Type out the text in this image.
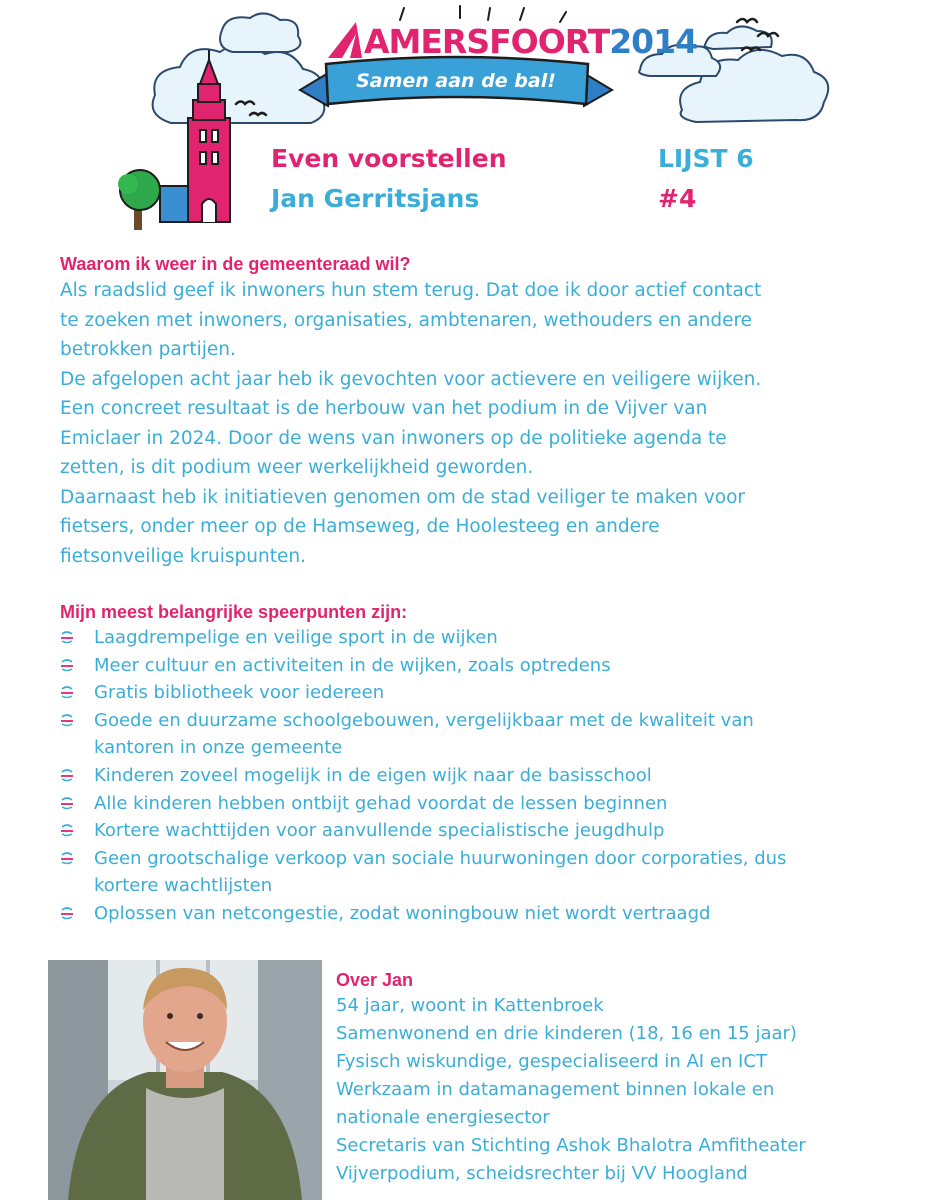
AMERSFOORT2014
Samen aan de bal!
Even voorstellen
Jan Gerritsjans
LIJST 6
#4

Waarom ik weer in de gemeenteraad wil?

Als raadslid geef ik inwoners hun stem terug. Dat doe ik door actief contact

te zoeken met inwoners, organisaties, ambtenaren, wethouders en andere

betrokken partijen.

De afgelopen acht jaar heb ik gevochten voor actievere en veiligere wijken.

Een concreet resultaat is de herbouw van het podium in de Vijver van

Emiclaer in 2024. Door de wens van inwoners op de politieke agenda te

zetten, is dit podium weer werkelijkheid geworden.

Daarnaast heb ik initiatieven genomen om de stad veiliger te maken voor

fietsers, onder meer op de Hamseweg, de Hoolesteeg en andere

fietsonveilige kruispunten.

Mijn meest belangrijke speerpunten zijn:

Laagdrempelige en veilige sport in de wijken
Meer cultuur en activiteiten in de wijken, zoals optredens
Gratis bibliotheek voor iedereen
Goede en duurzame schoolgebouwen, vergelijkbaar met de kwaliteit van
kantoren in onze gemeente
Kinderen zoveel mogelijk in de eigen wijk naar de basisschool
Alle kinderen hebben ontbijt gehad voordat de lessen beginnen
Kortere wachttijden voor aanvullende specialistische jeugdhulp
Geen grootschalige verkoop van sociale huurwoningen door corporaties, dus
kortere wachtlijsten
Oplossen van netcongestie, zodat woningbouw niet wordt vertraagd

Over Jan

54 jaar, woont in Kattenbroek

Samenwonend en drie kinderen (18, 16 en 15 jaar)

Fysisch wiskundige, gespecialiseerd in AI en ICT

Werkzaam in datamanagement binnen lokale en

nationale energiesector

Secretaris van Stichting Ashok Bhalotra Amfitheater

Vijverpodium, scheidsrechter bij VV Hoogland
